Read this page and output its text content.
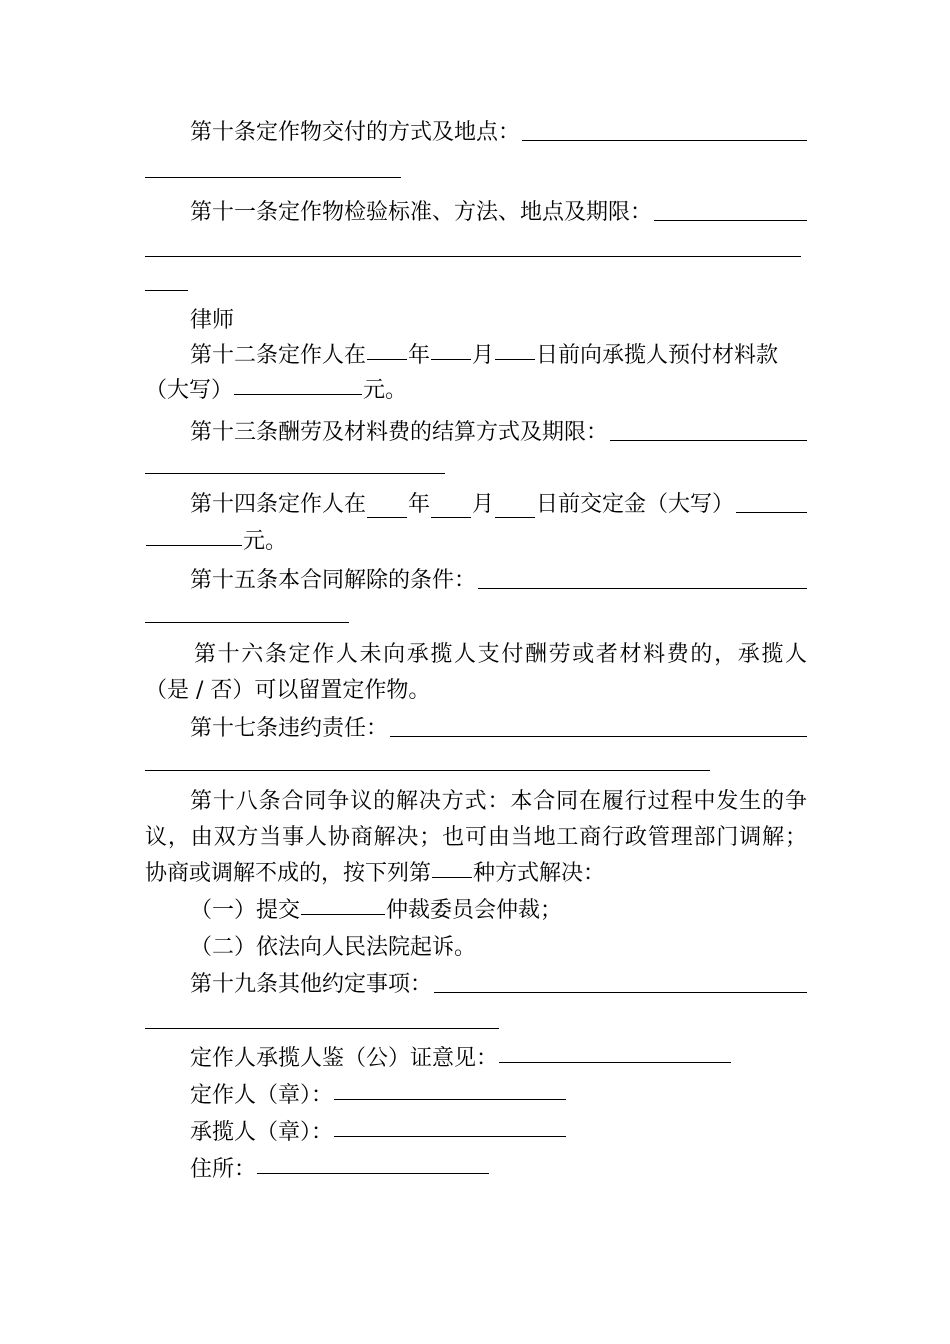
第十条定作物交付的方式及地点：
第十一条定作物检验标准、方法、地点及期限：
律师
第十二条定作人在 年 月 日前向承揽人预付材料款
（大写）	元。
第十三条酬劳及材料费的结算方式及期限：
第十四条定作人在 年 月 日前交定金（大写）
元。
第十五条本合同解除的条件：
第十六条定作人未向承揽人支付酬劳或者材料费的，承揽人
（是 / 否）可以留置定作物。
第十七条违约责任：
第十八条合同争议的解决方式：本合同在履行过程中发生的争
议，由双方当事人协商解决；也可由当地工商行政管理部门调解；
协商或调解不成的，按下列第 种方式解决：
（一）提交	仲裁委员会仲裁；
（二）依法向人民法院起诉。
第十九条其他约定事项：
定作人承揽人鉴（公）证意见：
定作人（章）：
承揽人（章）：
住所：
